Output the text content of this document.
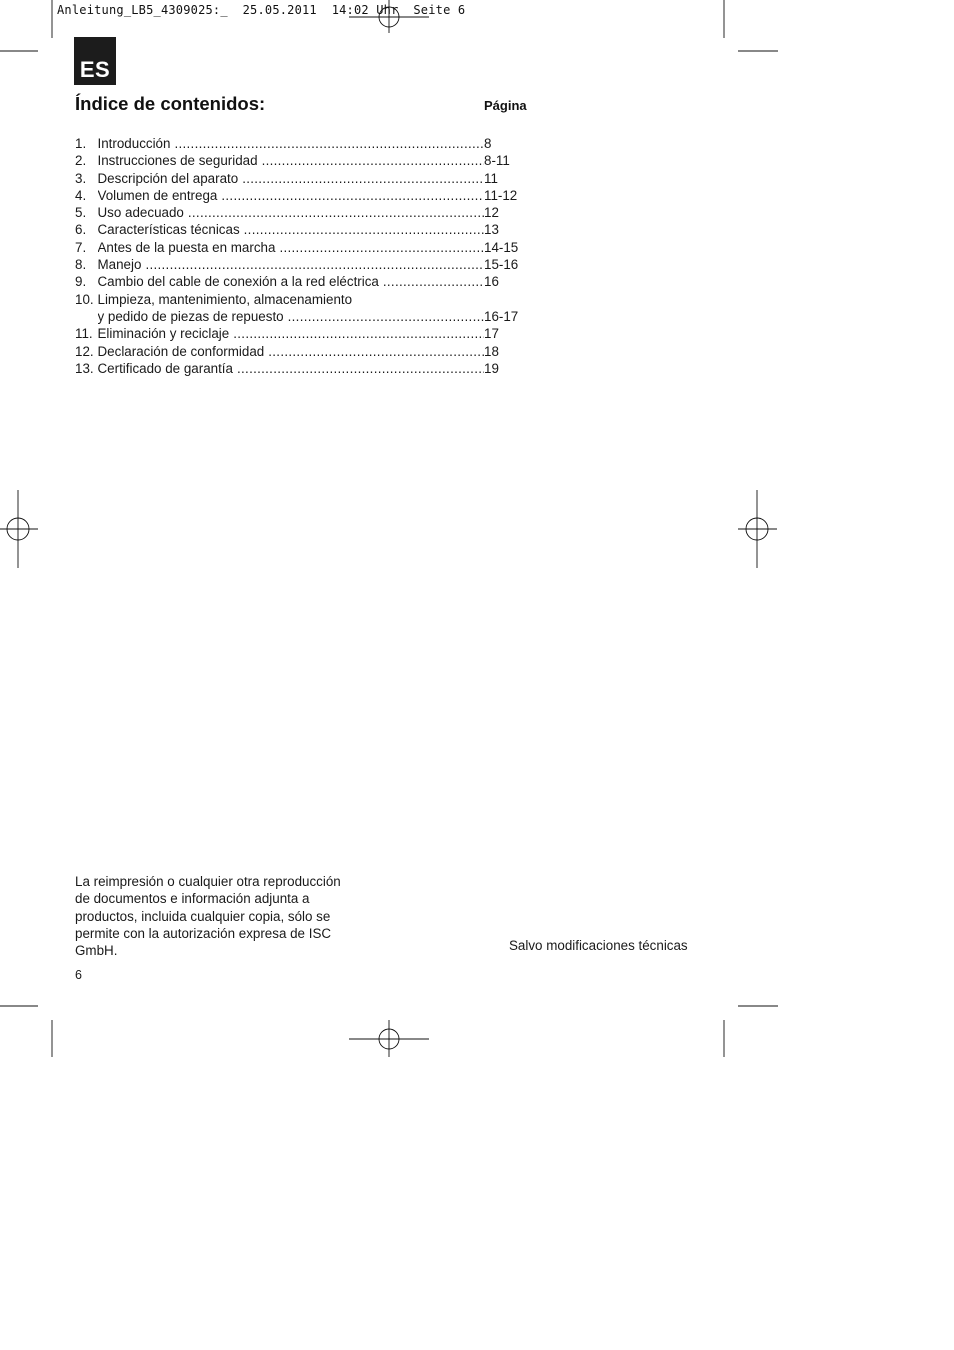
Anleitung_LB5_4309025:_  25.05.2011  14:02 Uhr  Seite 6
ES
Índice de contenidos:	Página
1. Introducción .....	8
2. Instrucciones de seguridad .....	8-11
3. Descripción del aparato .....	11
4. Volumen de entrega .....	11-12
5. Uso adecuado .....	12
6. Características técnicas .....	13
7. Antes de la puesta en marcha .....	14-15
8. Manejo .....	15-16
9. Cambio del cable de conexión a la red eléctrica .....	16
10. Limpieza, mantenimiento, almacenamiento
y pedido de piezas de repuesto .....	16-17
11. Eliminación y reciclaje .....	17
12. Declaración de conformidad .....	18
13. Certificado de garantía .....	19
La reimpresión o cualquier otra reproducción
de documentos e información adjunta a
productos, incluida cualquier copia, sólo se
permite con la autorización expresa de ISC
GmbH.	Salvo modificaciones técnicas
6
